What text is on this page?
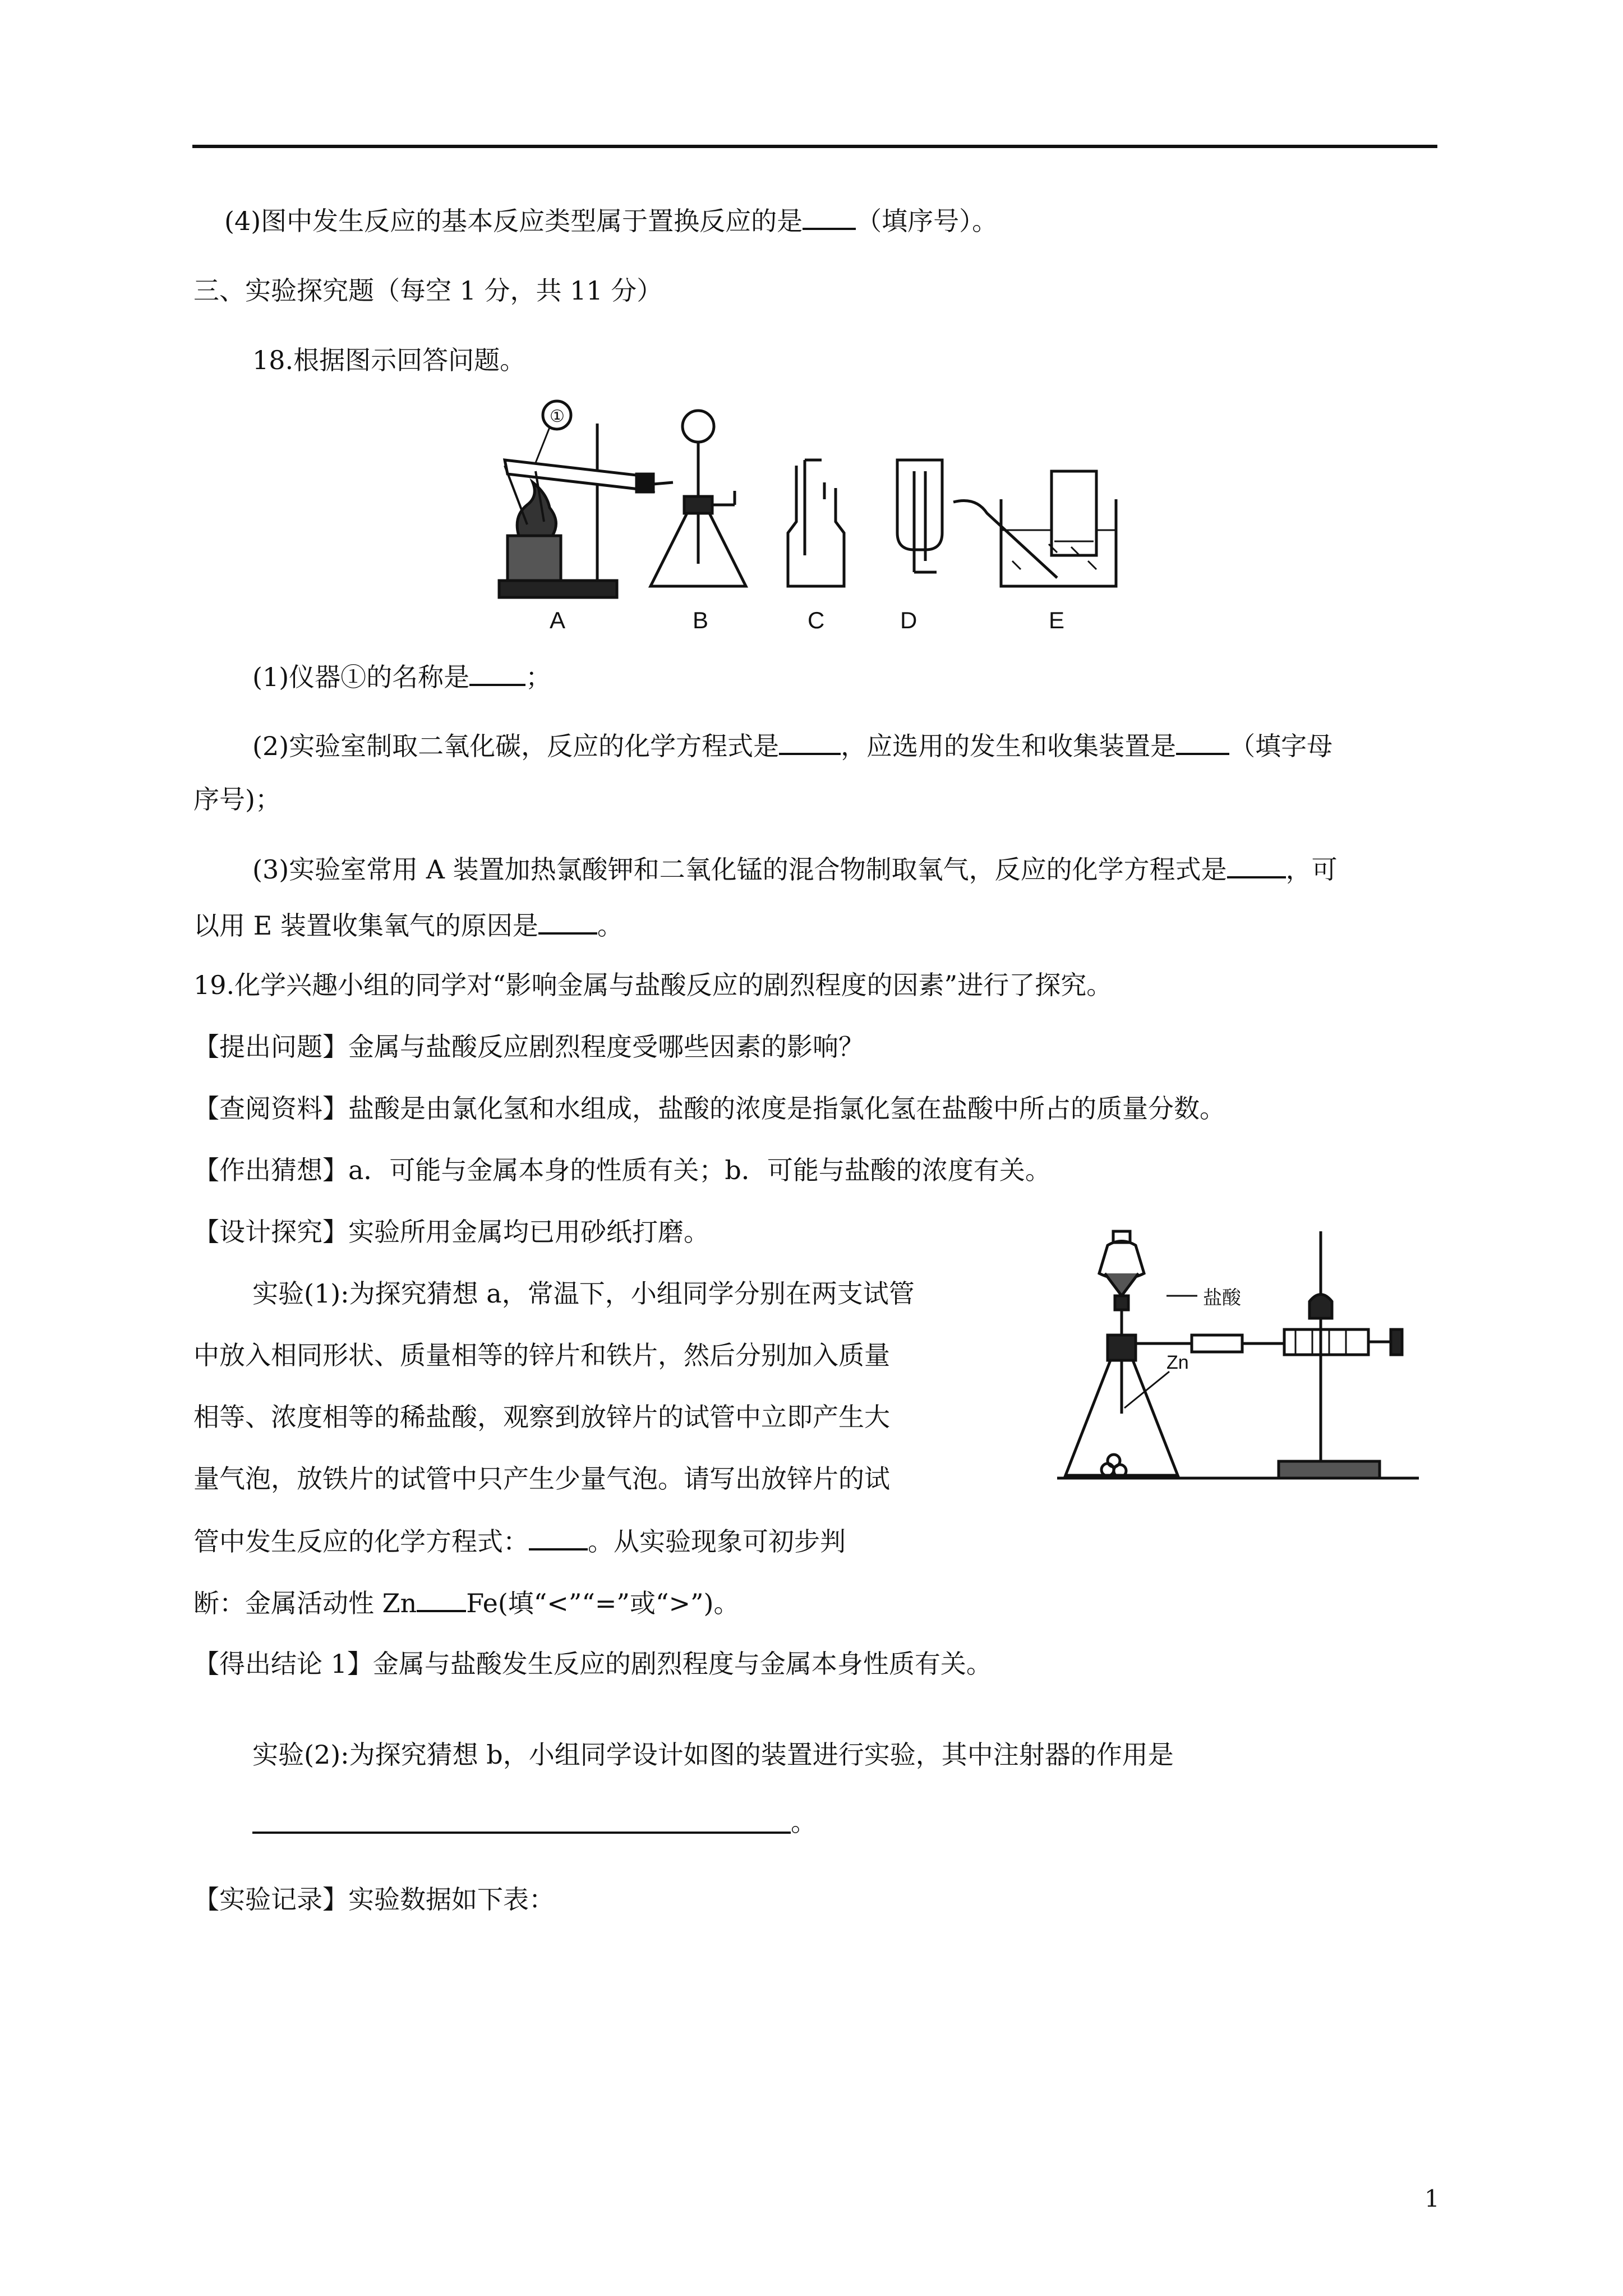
(4)图中发生反应的基本反应类型属于置换反应的是 （填序号）。
三、实验探究题（每空 1 分，共 11 分）
18.根据图示回答问题。
①
A	B	C	D	E
(1)仪器①的名称是 ；
(2)实验室制取二氧化碳，反应的化学方程式是 ，应选用的发生和收集装置是 （填字母
序号)；
(3)实验室常用 A 装置加热氯酸钾和二氧化锰的混合物制取氧气，反应的化学方程式是 ，可
以用 E 装置收集氧气的原因是 。
19.化学兴趣小组的同学对“影响金属与盐酸反应的剧烈程度的因素”进行了探究。
【提出问题】金属与盐酸反应剧烈程度受哪些因素的影响？
【查阅资料】盐酸是由氯化氢和水组成，盐酸的浓度是指氯化氢在盐酸中所占的质量分数。
【作出猜想】a．可能与金属本身的性质有关；b．可能与盐酸的浓度有关。
【设计探究】实验所用金属均已用砂纸打磨。
实验(1):为探究猜想 a，常温下，小组同学分别在两支试管
中放入相同形状、质量相等的锌片和铁片，然后分别加入质量
相等、浓度相等的稀盐酸，观察到放锌片的试管中立即产生大
量气泡，放铁片的试管中只产生少量气泡。请写出放锌片的试
管中发生反应的化学方程式： 。从实验现象可初步判
断：金属活动性 Zn Fe(填“<”“=”或“>”)。
盐酸
Zn
【得出结论 1】金属与盐酸发生反应的剧烈程度与金属本身性质有关。
实验(2):为探究猜想 b，小组同学设计如图的装置进行实验，其中注射器的作用是
。
【实验记录】实验数据如下表：
1
